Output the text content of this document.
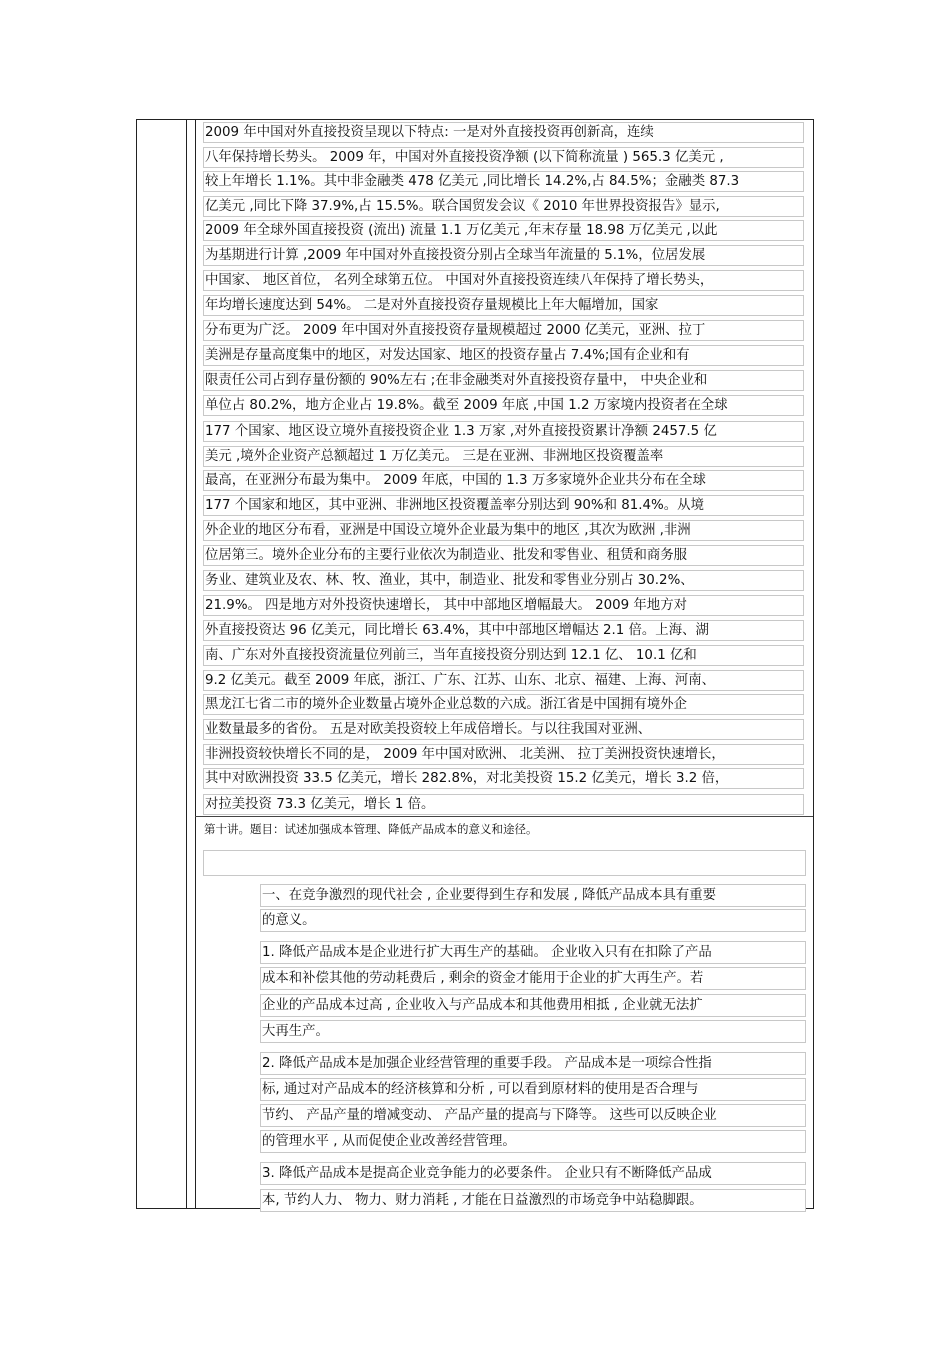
2009 年中国对外直接投资呈现以下特点: 一是对外直接投资再创新高，连续
八年保持增长势头。 2009 年，中国对外直接投资净额 (以下简称流量 ) 565.3 亿美元 ,
较上年增长 1.1%。其中非金融类 478 亿美元 ,同比增长 14.2%,占 84.5%；金融类 87.3
亿美元 ,同比下降 37.9%,占 15.5%。联合国贸发会议《 2010 年世界投资报告》显示,
2009 年全球外国直接投资 (流出) 流量 1.1 万亿美元 ,年末存量 18.98 万亿美元 ,以此
为基期进行计算 ,2009 年中国对外直接投资分别占全球当年流量的 5.1%，位居发展
中国家、 地区首位， 名列全球第五位。 中国对外直接投资连续八年保持了增长势头，
年均增长速度达到 54%。 二是对外直接投资存量规模比上年大幅增加，国家
分布更为广泛。 2009 年中国对外直接投资存量规模超过 2000 亿美元，亚洲、拉丁
美洲是存量高度集中的地区，对发达国家、地区的投资存量占 7.4%;国有企业和有
限责任公司占到存量份额的 90%左右 ;在非金融类对外直接投资存量中， 中央企业和
单位占 80.2%，地方企业占 19.8%。截至 2009 年底 ,中国 1.2 万家境内投资者在全球
177 个国家、地区设立境外直接投资企业 1.3 万家 ,对外直接投资累计净额 2457.5 亿
美元 ,境外企业资产总额超过 1 万亿美元。 三是在亚洲、非洲地区投资覆盖率
最高，在亚洲分布最为集中。 2009 年底，中国的 1.3 万多家境外企业共分布在全球
177 个国家和地区，其中亚洲、非洲地区投资覆盖率分别达到 90%和 81.4%。从境
外企业的地区分布看，亚洲是中国设立境外企业最为集中的地区 ,其次为欧洲 ,非洲
位居第三。境外企业分布的主要行业依次为制造业、批发和零售业、租赁和商务服
务业、建筑业及农、林、牧、渔业，其中，制造业、批发和零售业分别占 30.2%、
21.9%。 四是地方对外投资快速增长， 其中中部地区增幅最大。 2009 年地方对
外直接投资达 96 亿美元，同比增长 63.4%，其中中部地区增幅达 2.1 倍。上海、湖
南、广东对外直接投资流量位列前三，当年直接投资分别达到 12.1 亿、 10.1 亿和
9.2 亿美元。截至 2009 年底，浙江、广东、江苏、山东、北京、福建、上海、河南、
黑龙江七省二市的境外企业数量占境外企业总数的六成。浙江省是中国拥有境外企
业数量最多的省份。 五是对欧美投资较上年成倍增长。与以往我国对亚洲、
非洲投资较快增长不同的是， 2009 年中国对欧洲、 北美洲、 拉丁美洲投资快速增长，
其中对欧洲投资 33.5 亿美元，增长 282.8%，对北美投资 15.2 亿美元，增长 3.2 倍，
对拉美投资 73.3 亿美元，增长 1 倍。
第十讲。题目：试述加强成本管理、降低产品成本的意义和途径。
一、在竞争激烈的现代社会 , 企业要得到生存和发展 , 降低产品成本具有重要
的意义。
1. 降低产品成本是企业进行扩大再生产的基础。 企业收入只有在扣除了产品
成本和补偿其他的劳动耗费后 , 剩余的资金才能用于企业的扩大再生产。若
企业的产品成本过高 , 企业收入与产品成本和其他费用相抵 , 企业就无法扩
大再生产。
2. 降低产品成本是加强企业经营管理的重要手段。 产品成本是一项综合性指
标, 通过对产品成本的经济核算和分析 , 可以看到原材料的使用是否合理与
节约、 产品产量的增减变动、 产品产量的提高与下降等。 这些可以反映企业
的管理水平 , 从而促使企业改善经营管理。
3. 降低产品成本是提高企业竞争能力的必要条件。 企业只有不断降低产品成
本, 节约人力、 物力、财力消耗 , 才能在日益激烈的市场竞争中站稳脚跟。
